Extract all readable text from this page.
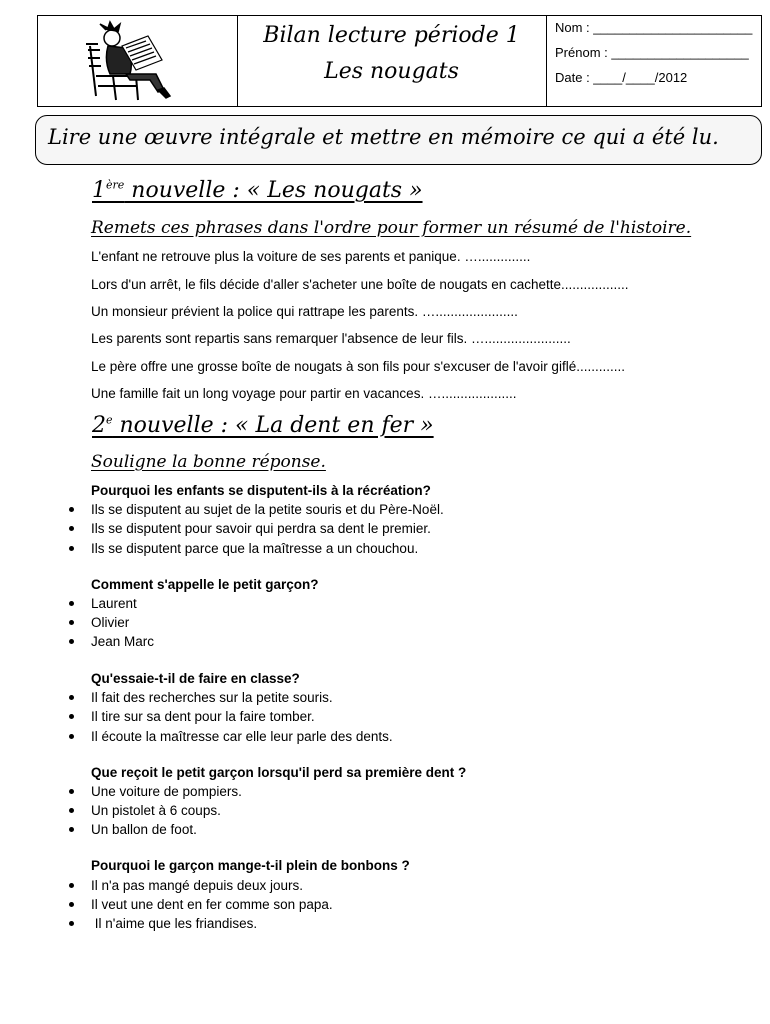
Bilan lecture période 1
Les nougats
Nom : ______________________
Prénom : ___________________
Date : ____/____/2012
Lire une œuvre intégrale et mettre en mémoire ce qui a été lu.
1ère nouvelle : « Les nougats »
Remets ces phrases dans l'ordre pour former un résumé de l'histoire.
L'enfant ne retrouve plus la voiture de ses parents et panique. …..............
Lors d'un arrêt, le fils décide d'aller s'acheter une boîte de nougats en cachette..................
Un monsieur prévient la police qui rattrape les parents. …......................
Les parents sont repartis sans remarquer l'absence de leur fils. ….......................
Le père offre une grosse boîte de nougats à son fils pour s'excuser de l'avoir giflé.............
Une famille fait un long voyage pour partir en vacances. …....................
2e nouvelle : « La dent en fer »
Souligne la bonne réponse.
Pourquoi les enfants se disputent-ils à la récréation?
Ils se disputent au sujet de la petite souris et du Père-Noël.
Ils se disputent pour savoir qui perdra sa dent le premier.
Ils se disputent parce que la maîtresse a un chouchou.
Comment s'appelle le petit garçon?
Laurent
Olivier
Jean Marc
Qu'essaie-t-il de faire en classe?
Il fait des recherches sur la petite souris.
Il tire sur sa dent pour la faire tomber.
Il écoute la maîtresse car elle leur parle des dents.
Que reçoit le petit garçon lorsqu'il perd sa première dent ?
Une voiture de pompiers.
Un pistolet à 6 coups.
Un ballon de foot.
Pourquoi le garçon mange-t-il plein de bonbons ?
Il n'a pas mangé depuis deux jours.
Il veut une dent en fer comme son papa.
Il n'aime que les friandises.
